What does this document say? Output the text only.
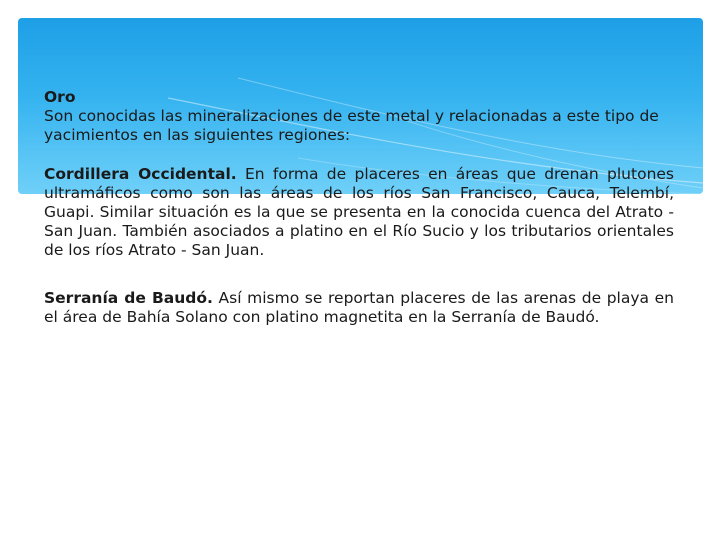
Oro

Son conocidas las mineralizaciones de este metal y relacionadas a este tipo de yacimientos en las siguientes regiones:

Cordillera Occidental. En forma de placeres en áreas que drenan plutones ultramáficos como son las áreas de los ríos San Francisco, Cauca, Telembí, Guapi. Similar situación es la que se presenta en la conocida cuenca del Atrato - San Juan. También asociados a platino en el Río Sucio y los tributarios orientales de los ríos Atrato - San Juan.

Serranía de Baudó. Así mismo se reportan placeres de las arenas de playa en el área de Bahía Solano con platino magnetita en la Serranía de Baudó.
